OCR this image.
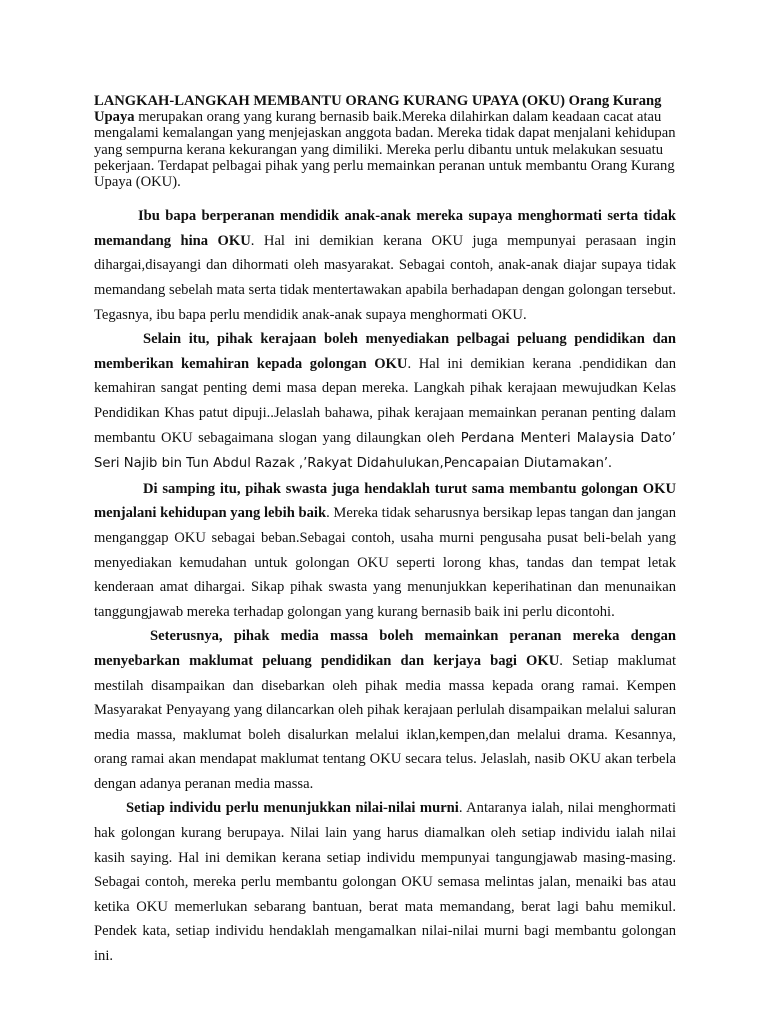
LANGKAH-LANGKAH MEMBANTU ORANG KURANG UPAYA (OKU) Orang Kurang Upaya merupakan orang yang kurang bernasib baik.Mereka dilahirkan dalam keadaan cacat atau mengalami kemalangan yang menjejaskan anggota badan. Mereka tidak dapat menjalani kehidupan yang sempurna kerana kekurangan yang dimiliki. Mereka perlu dibantu untuk melakukan sesuatu pekerjaan. Terdapat pelbagai pihak yang perlu memainkan peranan untuk membantu Orang Kurang Upaya (OKU).

Ibu bapa berperanan mendidik anak-anak mereka supaya menghormati serta tidak memandang hina OKU. Hal ini demikian kerana OKU juga mempunyai perasaan ingin dihargai,disayangi dan dihormati oleh masyarakat. Sebagai contoh, anak-anak diajar supaya tidak memandang sebelah mata serta tidak mentertawakan apabila berhadapan dengan golongan tersebut. Tegasnya, ibu bapa perlu mendidik anak-anak supaya menghormati OKU.

Selain itu, pihak kerajaan boleh menyediakan pelbagai peluang pendidikan dan memberikan kemahiran kepada golongan OKU. Hal ini demikian kerana .pendidikan dan kemahiran sangat penting demi masa depan mereka. Langkah pihak kerajaan mewujudkan Kelas Pendidikan Khas patut dipuji..Jelaslah bahawa, pihak kerajaan memainkan peranan penting dalam membantu OKU sebagaimana slogan yang dilaungkan oleh Perdana Menteri Malaysia Dato’ Seri Najib bin Tun Abdul Razak ,’Rakyat Didahulukan,Pencapaian Diutamakan’.

Di samping itu, pihak swasta juga hendaklah turut sama membantu golongan OKU menjalani kehidupan yang lebih baik. Mereka tidak seharusnya bersikap lepas tangan dan jangan menganggap OKU sebagai beban.Sebagai contoh, usaha murni pengusaha pusat beli-belah yang menyediakan kemudahan untuk golongan OKU seperti lorong khas, tandas dan tempat letak kenderaan amat dihargai. Sikap pihak swasta yang menunjukkan keperihatinan dan menunaikan tanggungjawab mereka terhadap golongan yang kurang bernasib baik ini perlu dicontohi.

Seterusnya, pihak media massa boleh memainkan peranan mereka dengan menyebarkan maklumat peluang pendidikan dan kerjaya bagi OKU. Setiap maklumat mestilah disampaikan dan disebarkan oleh pihak media massa kepada orang ramai. Kempen Masyarakat Penyayang yang dilancarkan oleh pihak kerajaan perlulah disampaikan melalui saluran media massa, maklumat boleh disalurkan melalui iklan,kempen,dan melalui drama. Kesannya, orang ramai akan mendapat maklumat tentang OKU secara telus. Jelaslah, nasib OKU akan terbela dengan adanya peranan media massa.

Setiap individu perlu menunjukkan nilai-nilai murni. Antaranya ialah, nilai menghormati hak golongan kurang berupaya. Nilai lain yang harus diamalkan oleh setiap individu ialah nilai kasih saying. Hal ini demikan kerana setiap individu mempunyai tangungjawab masing-masing. Sebagai contoh, mereka perlu membantu golongan OKU semasa melintas jalan, menaiki bas atau ketika OKU memerlukan sebarang bantuan, berat mata memandang, berat lagi bahu memikul. Pendek kata, setiap individu hendaklah mengamalkan nilai-nilai murni bagi membantu golongan ini.
